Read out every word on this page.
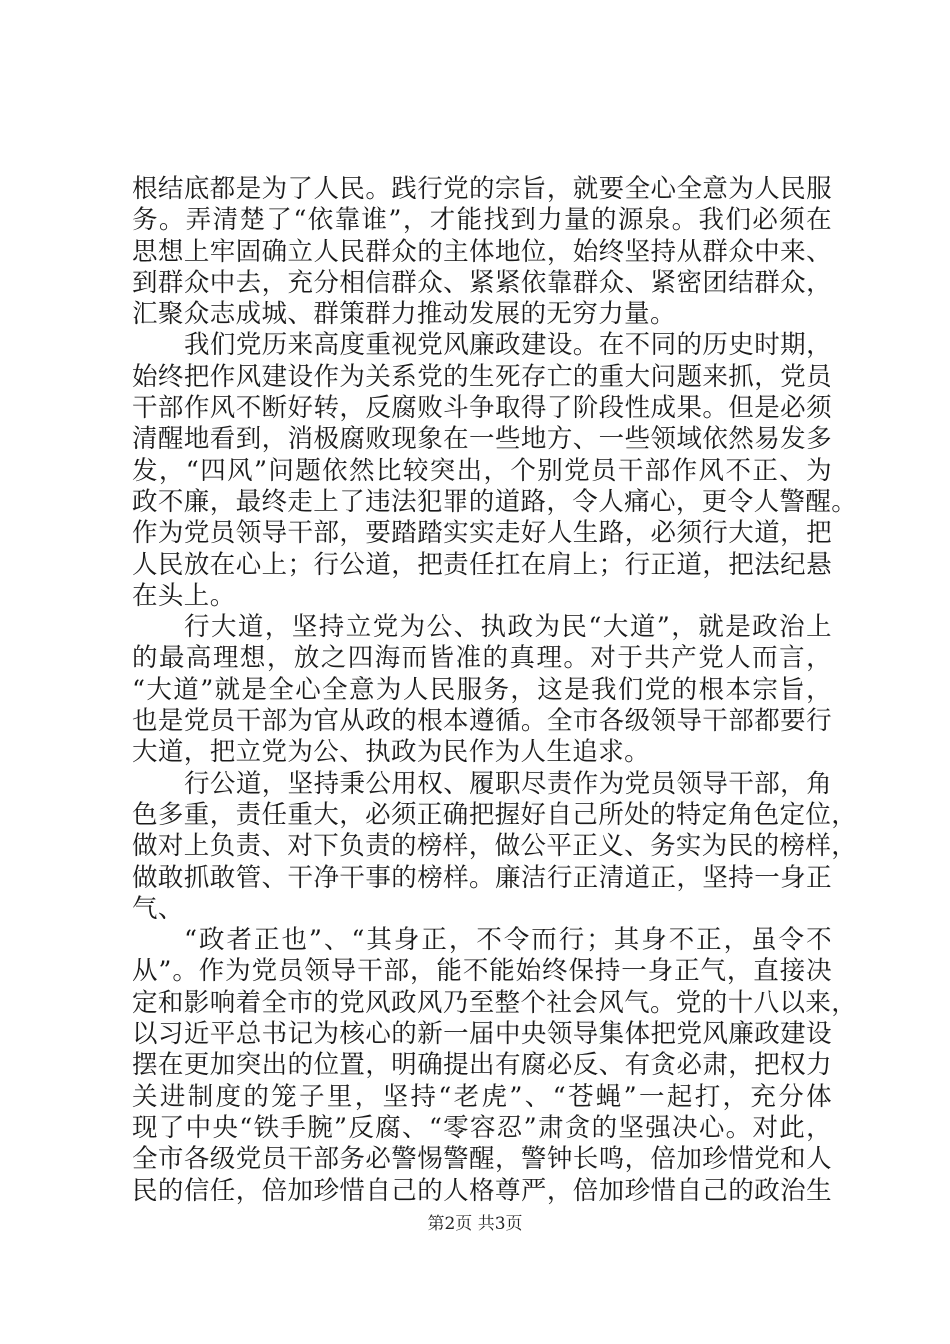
根结底都是为了人民。践行党的宗旨，就要全心全意为人民服
务。弄清楚了“依靠谁”，才能找到力量的源泉。我们必须在
思想上牢固确立人民群众的主体地位，始终坚持从群众中来、
到群众中去，充分相信群众、紧紧依靠群众、紧密团结群众，
汇聚众志成城、群策群力推动发展的无穷力量。
我们党历来高度重视党风廉政建设。在不同的历史时期，
始终把作风建设作为关系党的生死存亡的重大问题来抓，党员
干部作风不断好转，反腐败斗争取得了阶段性成果。但是必须
清醒地看到，消极腐败现象在一些地方、一些领域依然易发多
发，“四风”问题依然比较突出，个别党员干部作风不正、为
政不廉，最终走上了违法犯罪的道路，令人痛心，更令人警醒。
作为党员领导干部，要踏踏实实走好人生路，必须行大道，把
人民放在心上；行公道，把责任扛在肩上；行正道，把法纪悬
在头上。
行大道，坚持立党为公、执政为民“大道”，就是政治上
的最高理想，放之四海而皆准的真理。对于共产党人而言，
“大道”就是全心全意为人民服务，这是我们党的根本宗旨，
也是党员干部为官从政的根本遵循。全市各级领导干部都要行
大道，把立党为公、执政为民作为人生追求。
行公道，坚持秉公用权、履职尽责作为党员领导干部，角
色多重，责任重大，必须正确把握好自己所处的特定角色定位，
做对上负责、对下负责的榜样，做公平正义、务实为民的榜样，
做敢抓敢管、干净干事的榜样。廉洁行正清道正，坚持一身正
气、
“政者正也”、“其身正，不令而行；其身不正，虽令不
从”。作为党员领导干部，能不能始终保持一身正气，直接决
定和影响着全市的党风政风乃至整个社会风气。党的十八以来，
以习近平总书记为核心的新一届中央领导集体把党风廉政建设
摆在更加突出的位置，明确提出有腐必反、有贪必肃，把权力
关进制度的笼子里，坚持“老虎”、“苍蝇”一起打，充分体
现了中央“铁手腕”反腐、“零容忍”肃贪的坚强决心。对此，
全市各级党员干部务必警惕警醒，警钟长鸣，倍加珍惜党和人
民的信任，倍加珍惜自己的人格尊严，倍加珍惜自己的政治生
第2页 共3页
